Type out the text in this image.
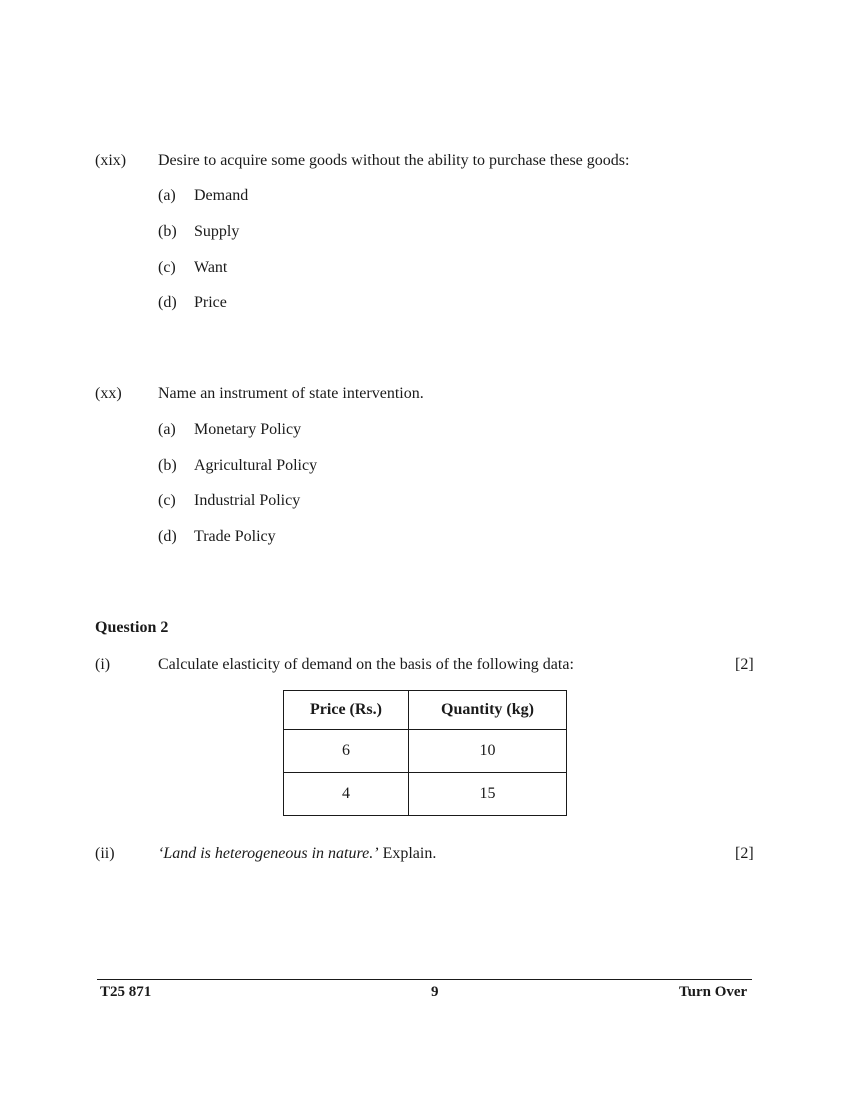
(xix) Desire to acquire some goods without the ability to purchase these goods:
(a) Demand
(b) Supply
(c) Want
(d) Price
(xx) Name an instrument of state intervention.
(a) Monetary Policy
(b) Agricultural Policy
(c) Industrial Policy
(d) Trade Policy
Question 2
(i)	Calculate elasticity of demand on the basis of the following data:	[2]
Price (Rs.)	Quantity (kg)
6	10
4	15
(ii)	‘Land is heterogeneous in nature.’ Explain.	[2]
T25 871	9	Turn Over
